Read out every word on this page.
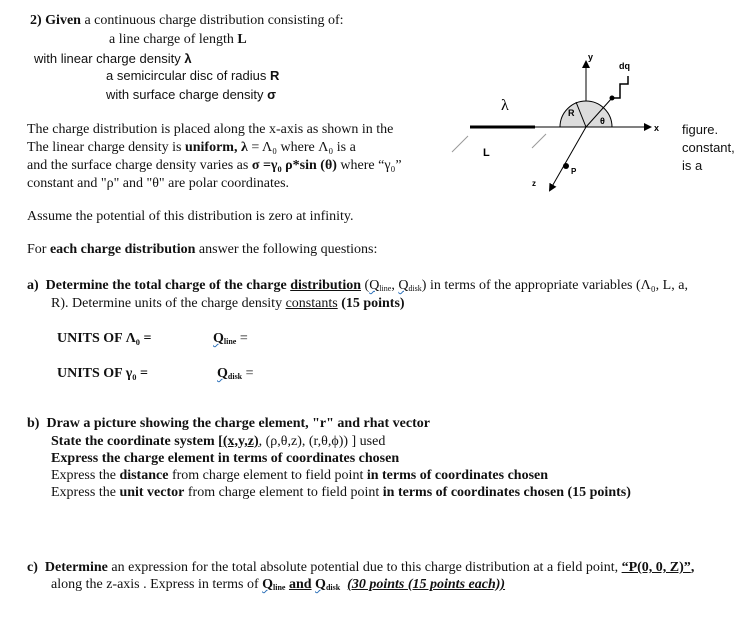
2) Given a continuous charge distribution consisting of:
a line charge of length L
with linear charge density λ
a semicircular disc of radius R
with surface charge density σ
The charge distribution is placed along the x-axis as shown in the
The linear charge density is uniform, λ = Λ₀ where Λ₀ is a
and the surface charge density varies as σ =γ₀ ρ*sin (θ) where “γ₀”
constant and "ρ" and "θ" are polar coordinates.
figure.
constant,
is a
λ
L
R
θ
x
y
z
P
dq
Assume the potential of this distribution is zero at infinity.
For each charge distribution answer the following questions:
a) Determine the total charge of the charge distribution ($Q_{line}$, $Q_{disk}$) in terms of the appropriate variables (Λ₀, L, a,
R). Determine units of the charge density constants (15 points)
UNITS OF Λ₀ =	$Q_{line}$ =
UNITS OF γ₀ =	$Q_{disk}$ =
b) Draw a picture showing the charge element, "r" and rhat vector
State the coordinate system [(x,y,z), (ρ,θ,z), (r,θ,ϕ)) ] used
Express the charge element in terms of coordinates chosen
Express the distance from charge element to field point in terms of coordinates chosen
Express the unit vector from charge element to field point in terms of coordinates chosen (15 points)
c) Determine an expression for the total absolute potential due to this charge distribution at a field point, “P(0, 0, Z)”,
along the z-axis . Express in terms of $Q_{line}$ and $Q_{disk}$ (30 points (15 points each))
